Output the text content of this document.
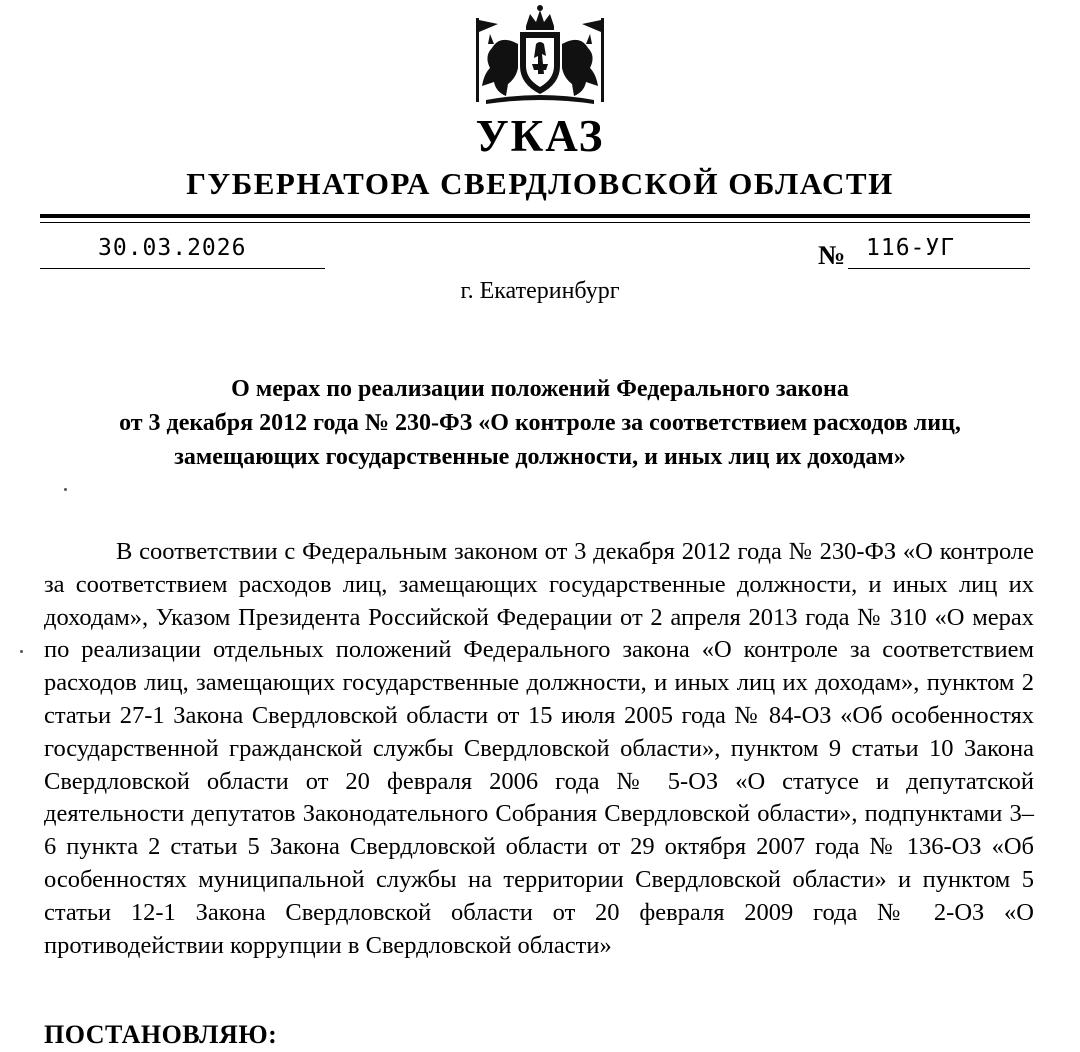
УКАЗ
ГУБЕРНАТОРА СВЕРДЛОВСКОЙ ОБЛАСТИ
30.03.2026	№ 116-УГ
г. Екатеринбург
О мерах по реализации положений Федерального закона
от 3 декабря 2012 года № 230-ФЗ «О контроле за соответствием расходов лиц,
замещающих государственные должности, и иных лиц их доходам»

В соответствии с Федеральным законом от 3 декабря 2012 года № 230-ФЗ «О контроле за соответствием расходов лиц, замещающих государственные должности, и иных лиц их доходам», Указом Президента Российской Федерации от 2 апреля 2013 года № 310 «О мерах по реализации отдельных положений Федерального закона «О контроле за соответствием расходов лиц, замещающих государственные должности, и иных лиц их доходам», пунктом 2 статьи 27-1 Закона Свердловской области от 15 июля 2005 года № 84-ОЗ «Об особенностях государственной гражданской службы Свердловской области», пунктом 9 статьи 10 Закона Свердловской области от 20 февраля 2006 года № 5-ОЗ «О статусе и депутатской деятельности депутатов Законодательного Собрания Свердловской области», подпунктами 3–6 пункта 2 статьи 5 Закона Свердловской области от 29 октября 2007 года № 136-ОЗ «Об особенностях муниципальной службы на территории Свердловской области» и пунктом 5 статьи 12-1 Закона Свердловской области от 20 февраля 2009 года № 2-ОЗ «О противодействии коррупции в Свердловской области»

ПОСТАНОВЛЯЮ:
